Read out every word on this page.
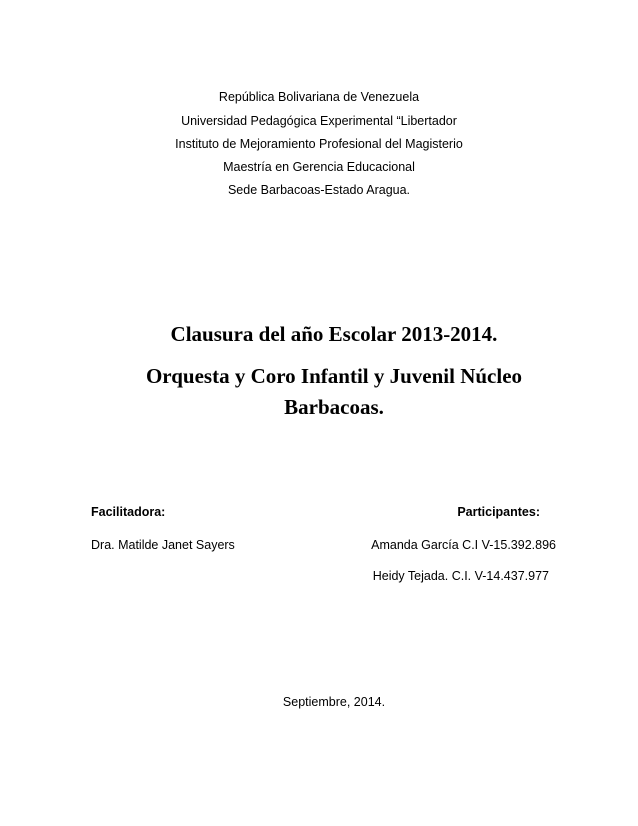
República Bolivariana de Venezuela
Universidad Pedagógica Experimental “Libertador
Instituto de Mejoramiento Profesional del Magisterio
Maestría en Gerencia Educacional
Sede Barbacoas-Estado Aragua.
Clausura del año Escolar 2013-2014.
Orquesta y Coro Infantil y Juvenil Núcleo
Barbacoas.
Facilitadora:
Dra. Matilde Janet Sayers
Participantes:
Amanda García C.I V-15.392.896
Heidy Tejada. C.I. V-14.437.977
Septiembre, 2014.
